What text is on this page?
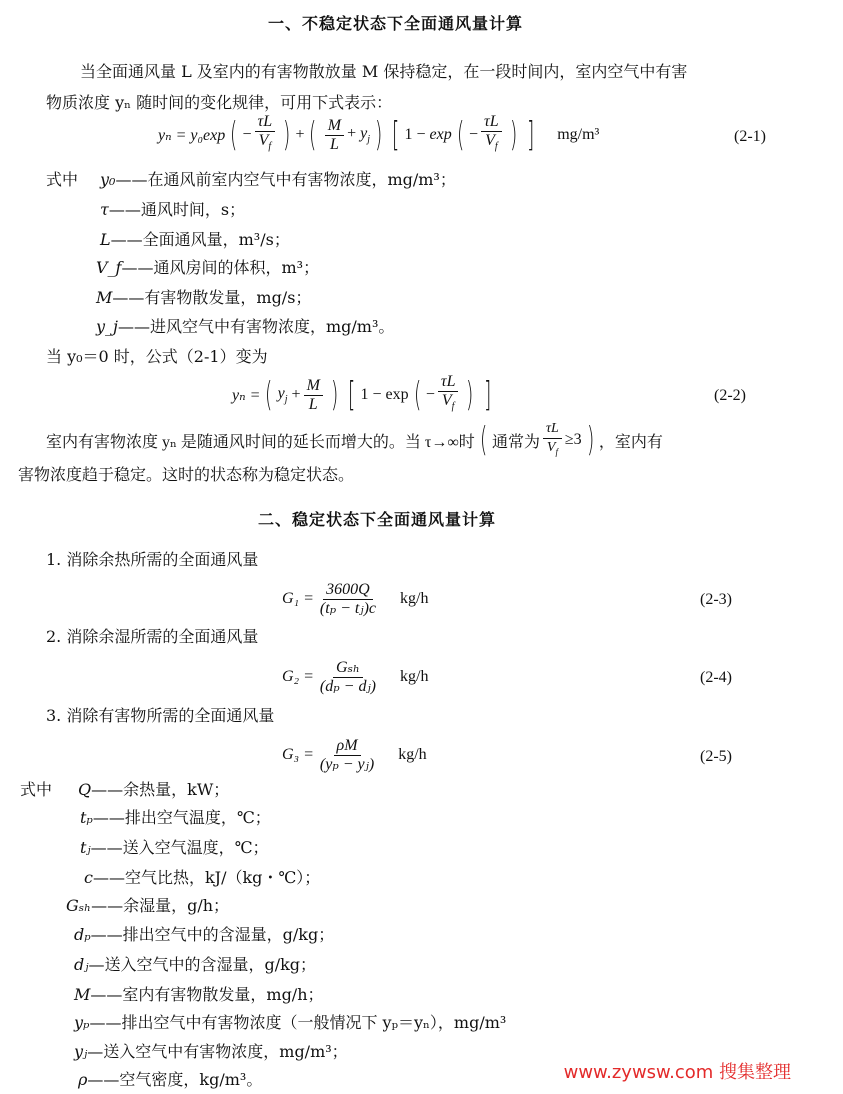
一、不稳定状态下全面通风量计算
当全面通风量 L 及室内的有害物散放量 M 保持稳定，在一段时间内，室内空气中有害
物质浓度 yₙ 随时间的变化规律，可用下式表示：
yₙ = y₀exp ( − $\frac{\tau L}{V_f}$ ) + ( $\frac{M}{L} + y_j$ ) [ 1 − exp ( − $\frac{\tau L}{V_f}$ ) ] mg/m³	(2-1)
式中 y₀——在通风前室内空气中有害物浓度，mg/m³；
τ——通风时间，s；
L——全面通风量，m³/s；
V_f——通风房间的体积，m³；
M——有害物散发量，mg/s；
y_j——进风空气中有害物浓度，mg/m³。
当 y₀＝0 时，公式（2-1）变为
yₙ = ( $y_j + \frac{M}{L}$ ) [ 1 − exp ( − $\frac{\tau L}{V_f}$ ) ]	(2-2)
室内有害物浓度 yₙ 是随通风时间的延长而增大的。当 τ→∞时 ( 通常为 $\frac{\tau L}{V_f} \ge 3$ ) ，室内有
害物浓度趋于稳定。这时的状态称为稳定状态。
二、稳定状态下全面通风量计算
1. 消除余热所需的全面通风量
$G_1 = \frac{3600Q}{\text{(tₚ − tⱼ)c}} kg/h$	(2-3)
2. 消除余湿所需的全面通风量
$G_2 = \frac{\text{Gₛₕ}}{\text{(dₚ − dⱼ)}} kg/h$	(2-4)
3. 消除有害物所需的全面通风量
$G_3 = \frac{\rho M}{\text{(yₚ − yⱼ)}} kg/h$	(2-5)
式中 Q——余热量，kW；
tₚ——排出空气温度，℃；
tⱼ——送入空气温度，℃；
c——空气比热，kJ/（kg・℃）；
Gₛₕ——余湿量，g/h；
dₚ——排出空气中的含湿量，g/kg；
dⱼ—送入空气中的含湿量，g/kg；
M——室内有害物散发量，mg/h；
yₚ——排出空气中有害物浓度（一般情况下 yₚ＝yₙ），mg/m³
yⱼ—送入空气中有害物浓度，mg/m³；
ρ——空气密度，kg/m³。	www.zywsw.com 搜集整理
